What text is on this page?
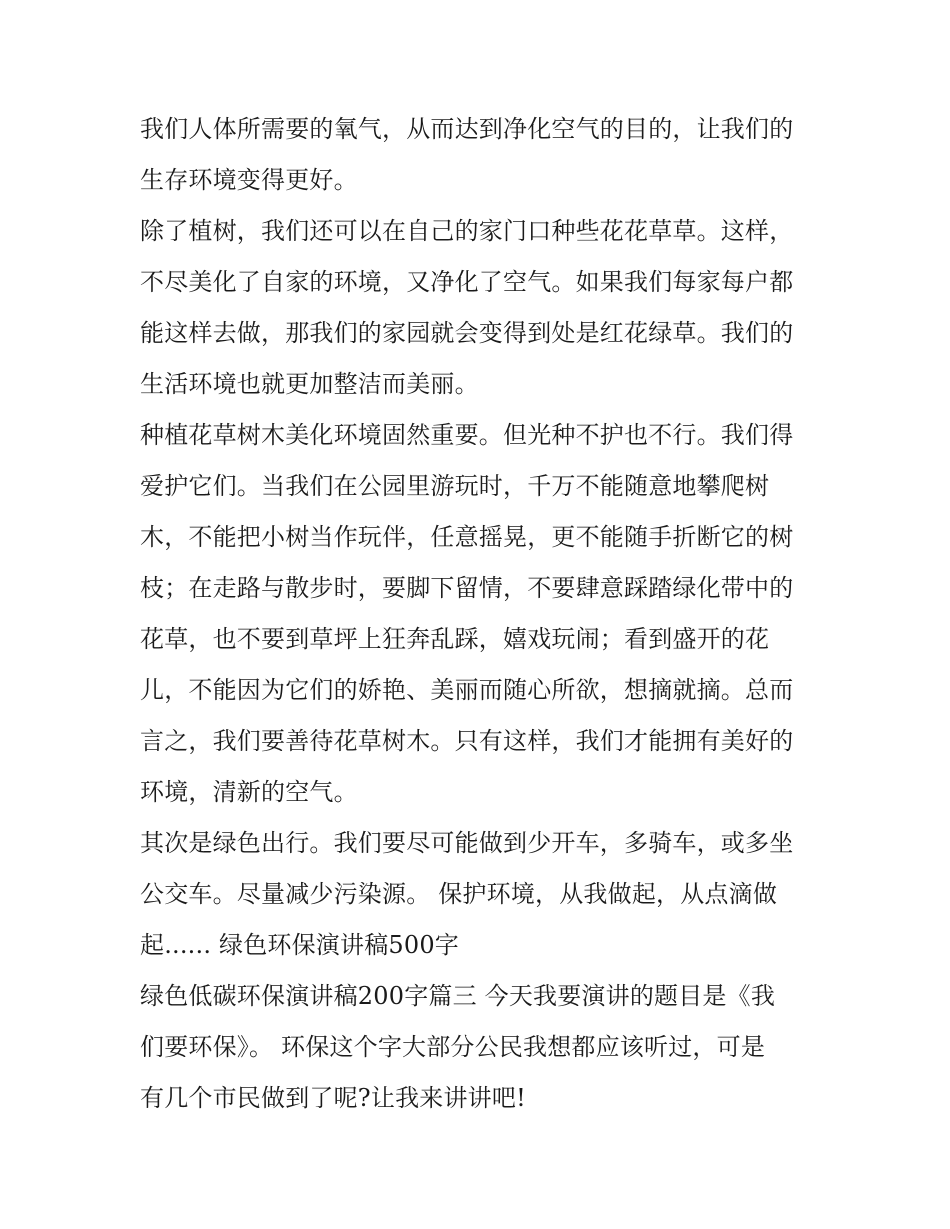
我们人体所需要的氧气，从而达到净化空气的目的，让我们的
生存环境变得更好。
除了植树，我们还可以在自己的家门口种些花花草草。这样，
不尽美化了自家的环境，又净化了空气。如果我们每家每户都
能这样去做，那我们的家园就会变得到处是红花绿草。我们的
生活环境也就更加整洁而美丽。
种植花草树木美化环境固然重要。但光种不护也不行。我们得
爱护它们。当我们在公园里游玩时，千万不能随意地攀爬树
木，不能把小树当作玩伴，任意摇晃，更不能随手折断它的树
枝；在走路与散步时，要脚下留情，不要肆意踩踏绿化带中的
花草，也不要到草坪上狂奔乱踩，嬉戏玩闹；看到盛开的花
儿，不能因为它们的娇艳、美丽而随心所欲，想摘就摘。总而
言之，我们要善待花草树木。只有这样，我们才能拥有美好的
环境，清新的空气。
其次是绿色出行。我们要尽可能做到少开车，多骑车，或多坐
公交车。尽量减少污染源。 保护环境，从我做起，从点滴做
起...... 绿色环保演讲稿500字
绿色低碳环保演讲稿200字篇三 今天我要演讲的题目是《我
们要环保》。 环保这个字大部分公民我想都应该听过，可是
有几个市民做到了呢?让我来讲讲吧!
